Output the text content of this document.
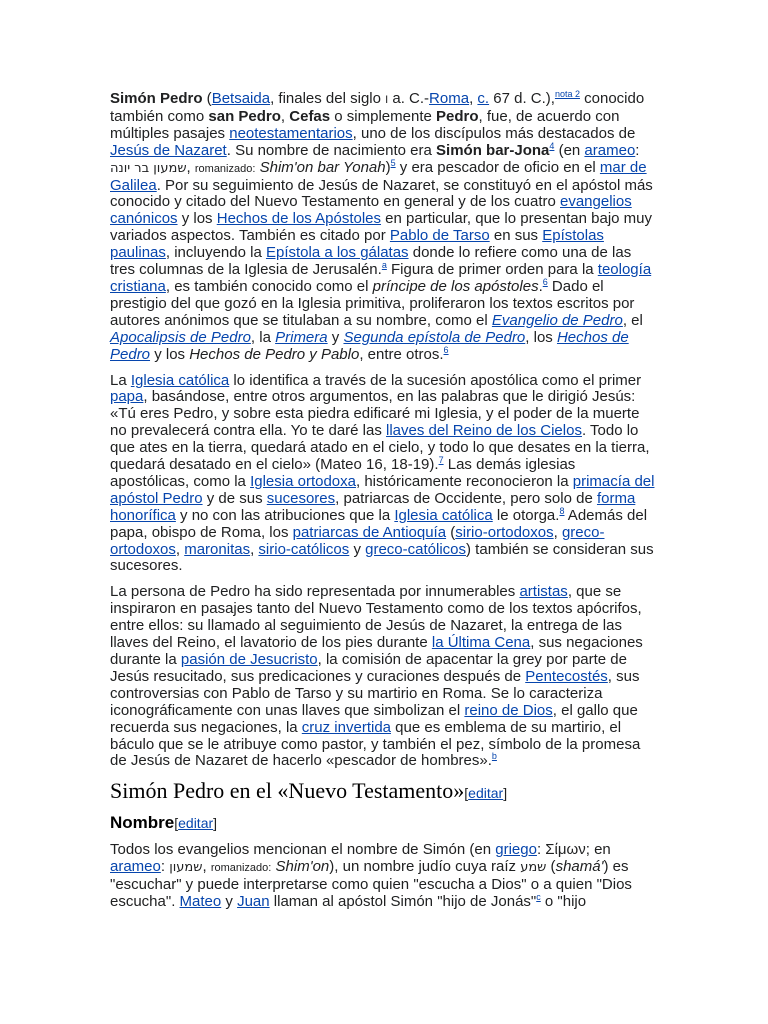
Simón Pedro (Betsaida, finales del siglo I a. C.-Roma, c. 67 d. C.),$^{nota 2}$ conocido también como san Pedro, Cefas o simplemente Pedro, fue, de acuerdo con múltiples pasajes neotestamentarios, uno de los discípulos más destacados de Jesús de Nazaret. Su nombre de nacimiento era Simón bar-Jona$^4$ (en arameo: שמעון בר יונה, romanizado: Shim'on bar Yonah)$^5$ y era pescador de oficio en el mar de Galilea. Por su seguimiento de Jesús de Nazaret, se constituyó en el apóstol más conocido y citado del Nuevo Testamento en general y de los cuatro evangelios canónicos y los Hechos de los Apóstoles en particular, que lo presentan bajo muy variados aspectos. También es citado por Pablo de Tarso en sus Epístolas paulinas, incluyendo la Epístola a los gálatas donde lo refiere como una de las tres columnas de la Iglesia de Jerusalén.$^a$ Figura de primer orden para la teología cristiana, es también conocido como el príncipe de los apóstoles.$^6$ Dado el prestigio del que gozó en la Iglesia primitiva, proliferaron los textos escritos por autores anónimos que se titulaban a su nombre, como el Evangelio de Pedro, el Apocalipsis de Pedro, la Primera y Segunda epístola de Pedro, los Hechos de Pedro y los Hechos de Pedro y Pablo, entre otros.$^6$

La Iglesia católica lo identifica a través de la sucesión apostólica como el primer papa, basándose, entre otros argumentos, en las palabras que le dirigió Jesús: «Tú eres Pedro, y sobre esta piedra edificaré mi Iglesia, y el poder de la muerte no prevalecerá contra ella. Yo te daré las llaves del Reino de los Cielos. Todo lo que ates en la tierra, quedará atado en el cielo, y todo lo que desates en la tierra, quedará desatado en el cielo» (Mateo 16, 18-19).$^7$ Las demás iglesias apostólicas, como la Iglesia ortodoxa, históricamente reconocieron la primacía del apóstol Pedro y de sus sucesores, patriarcas de Occidente, pero solo de forma honorífica y no con las atribuciones que la Iglesia católica le otorga.$^8$ Además del papa, obispo de Roma, los patriarcas de Antioquía (sirio-ortodoxos, greco-ortodoxos, maronitas, sirio-católicos y greco-católicos) también se consideran sus sucesores.

La persona de Pedro ha sido representada por innumerables artistas, que se inspiraron en pasajes tanto del Nuevo Testamento como de los textos apócrifos, entre ellos: su llamado al seguimiento de Jesús de Nazaret, la entrega de las llaves del Reino, el lavatorio de los pies durante la Última Cena, sus negaciones durante la pasión de Jesucristo, la comisión de apacentar la grey por parte de Jesús resucitado, sus predicaciones y curaciones después de Pentecostés, sus controversias con Pablo de Tarso y su martirio en Roma. Se lo caracteriza iconográficamente con unas llaves que simbolizan el reino de Dios, el gallo que recuerda sus negaciones, la cruz invertida que es emblema de su martirio, el báculo que se le atribuye como pastor, y también el pez, símbolo de la promesa de Jesús de Nazaret de hacerlo «pescador de hombres».$^b$

Simón Pedro en el «Nuevo Testamento»[editar]
Nombre[editar]

Todos los evangelios mencionan el nombre de Simón (en griego: Σίμων; en arameo: שמעון, romanizado: Shim'on), un nombre judío cuya raíz שמע (shamá') es "escuchar" y puede interpretarse como quien "escucha a Dios" o a quien "Dios escucha". Mateo y Juan llaman al apóstol Simón "hijo de Jonás"$^c$ o "hijo
